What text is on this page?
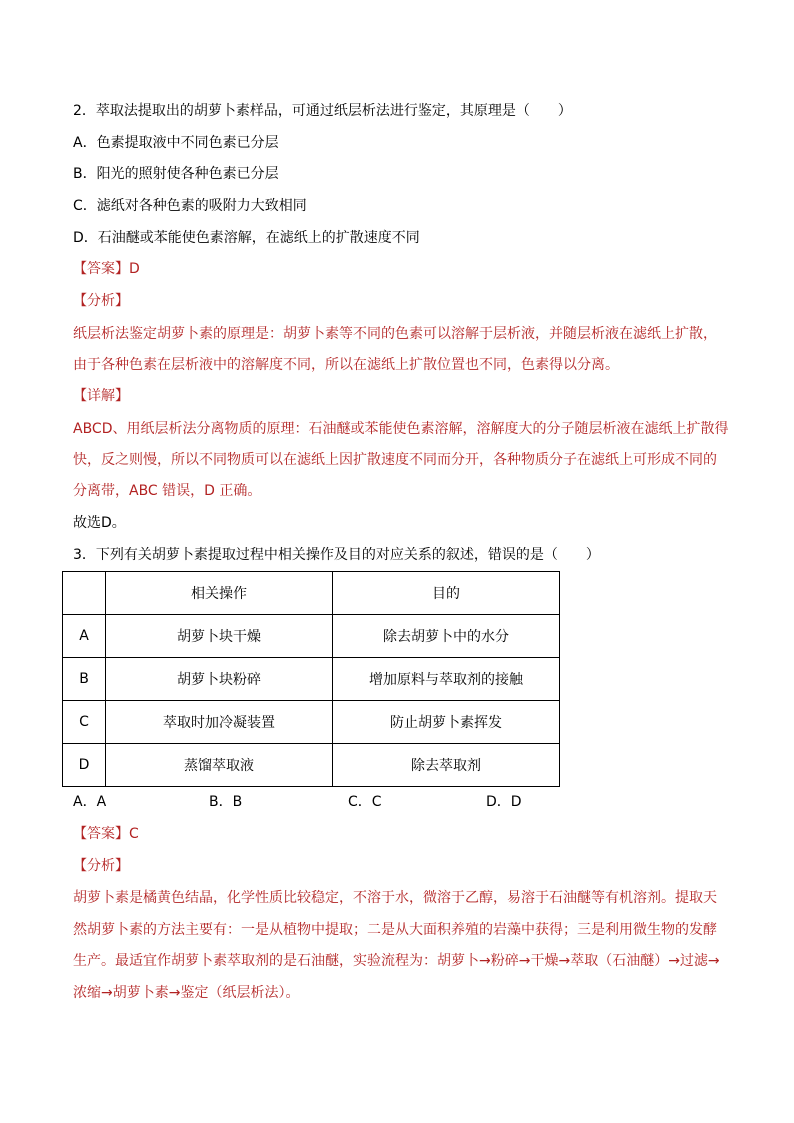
2．萃取法提取出的胡萝卜素样品，可通过纸层析法进行鉴定，其原理是（　　）
A．色素提取液中不同色素已分层
B．阳光的照射使各种色素已分层
C．滤纸对各种色素的吸附力大致相同
D．石油醚或苯能使色素溶解，在滤纸上的扩散速度不同
【答案】D
【分析】
纸层析法鉴定胡萝卜素的原理是：胡萝卜素等不同的色素可以溶解于层析液，并随层析液在滤纸上扩散，
由于各种色素在层析液中的溶解度不同，所以在滤纸上扩散位置也不同，色素得以分离。
【详解】
ABCD、用纸层析法分离物质的原理：石油醚或苯能使色素溶解，溶解度大的分子随层析液在滤纸上扩散得
快，反之则慢，所以不同物质可以在滤纸上因扩散速度不同而分开，各种物质分子在滤纸上可形成不同的
分离带，ABC 错误，D 正确。
故选D。
3．下列有关胡萝卜素提取过程中相关操作及目的对应关系的叙述，错误的是（　　）
	相关操作	目的
A	胡萝卜块干燥	除去胡萝卜中的水分
B	胡萝卜块粉碎	增加原料与萃取剂的接触
C	萃取时加冷凝装置	防止胡萝卜素挥发
D	蒸馏萃取液	除去萃取剂
A．A	B．B	C．C	D．D
【答案】C
【分析】
胡萝卜素是橘黄色结晶，化学性质比较稳定，不溶于水，微溶于乙醇，易溶于石油醚等有机溶剂。提取天
然胡萝卜素的方法主要有：一是从植物中提取；二是从大面积养殖的岩藻中获得；三是利用微生物的发酵
生产。最适宜作胡萝卜素萃取剂的是石油醚，实验流程为：胡萝卜→粉碎→干燥→萃取（石油醚）→过滤→
浓缩→胡萝卜素→鉴定（纸层析法）。
